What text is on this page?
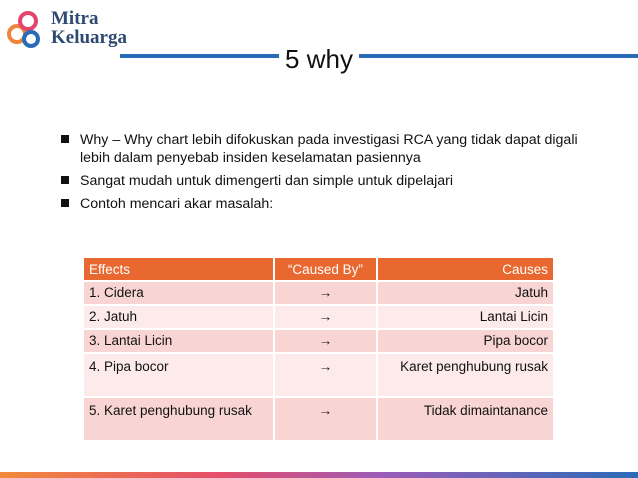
Mitra
Keluarga
5 why
Why – Why chart lebih difokuskan pada investigasi RCA yang tidak dapat digali lebih dalam penyebab insiden keselamatan pasiennya
Sangat mudah untuk dimengerti dan simple untuk dipelajari
Contoh mencari akar masalah:
Effects	“Caused By”	Causes
1. Cidera	→	Jatuh
2. Jatuh	→	Lantai Licin
3. Lantai Licin	→	Pipa bocor
4. Pipa bocor	→	Karet penghubung rusak
5. Karet penghubung rusak	→	Tidak dimaintanance
